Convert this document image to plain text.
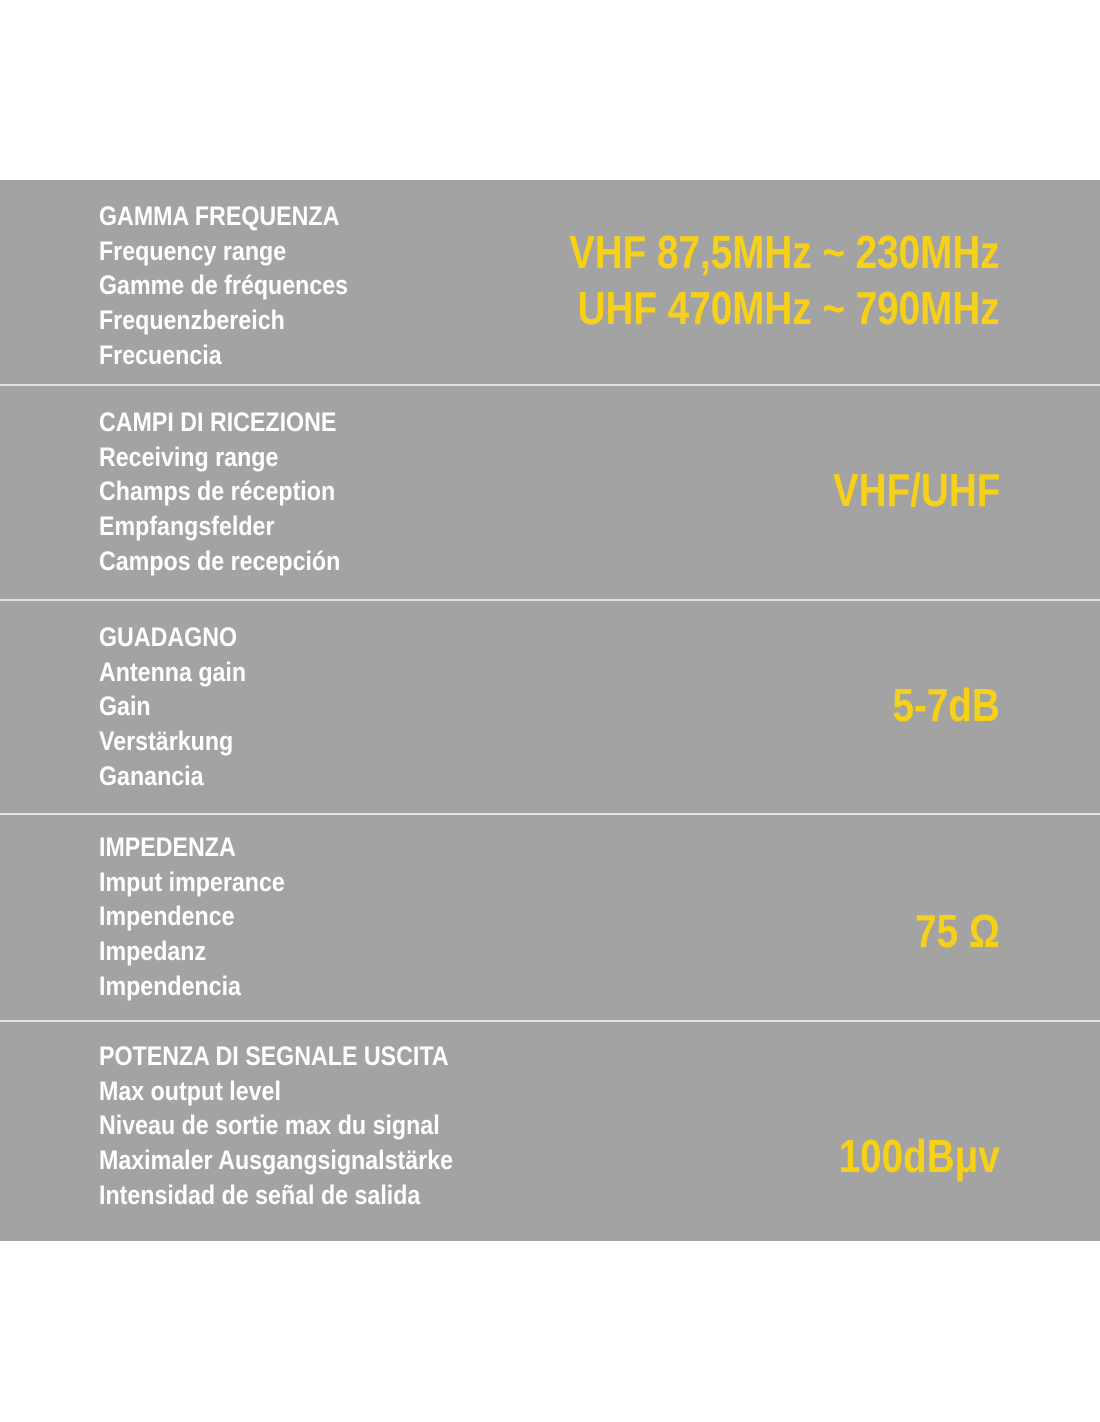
GAMMA FREQUENZA
Frequency range
Gamme de fréquences
Frequenzbereich
Frecuencia
VHF 87,5MHz ~ 230MHz
UHF 470MHz ~ 790MHz
CAMPI DI RICEZIONE
Receiving range
Champs de réception
Empfangsfelder
Campos de recepción
VHF/UHF
GUADAGNO
Antenna gain
Gain
Verstärkung
Ganancia
5-7dB
IMPEDENZA
Imput imperance
Impendence
Impedanz
Impendencia
75 Ω
POTENZA DI SEGNALE USCITA
Max output level
Niveau de sortie max du signal
Maximaler Ausgangsignalstärke
Intensidad de señal de salida
100dBμv
